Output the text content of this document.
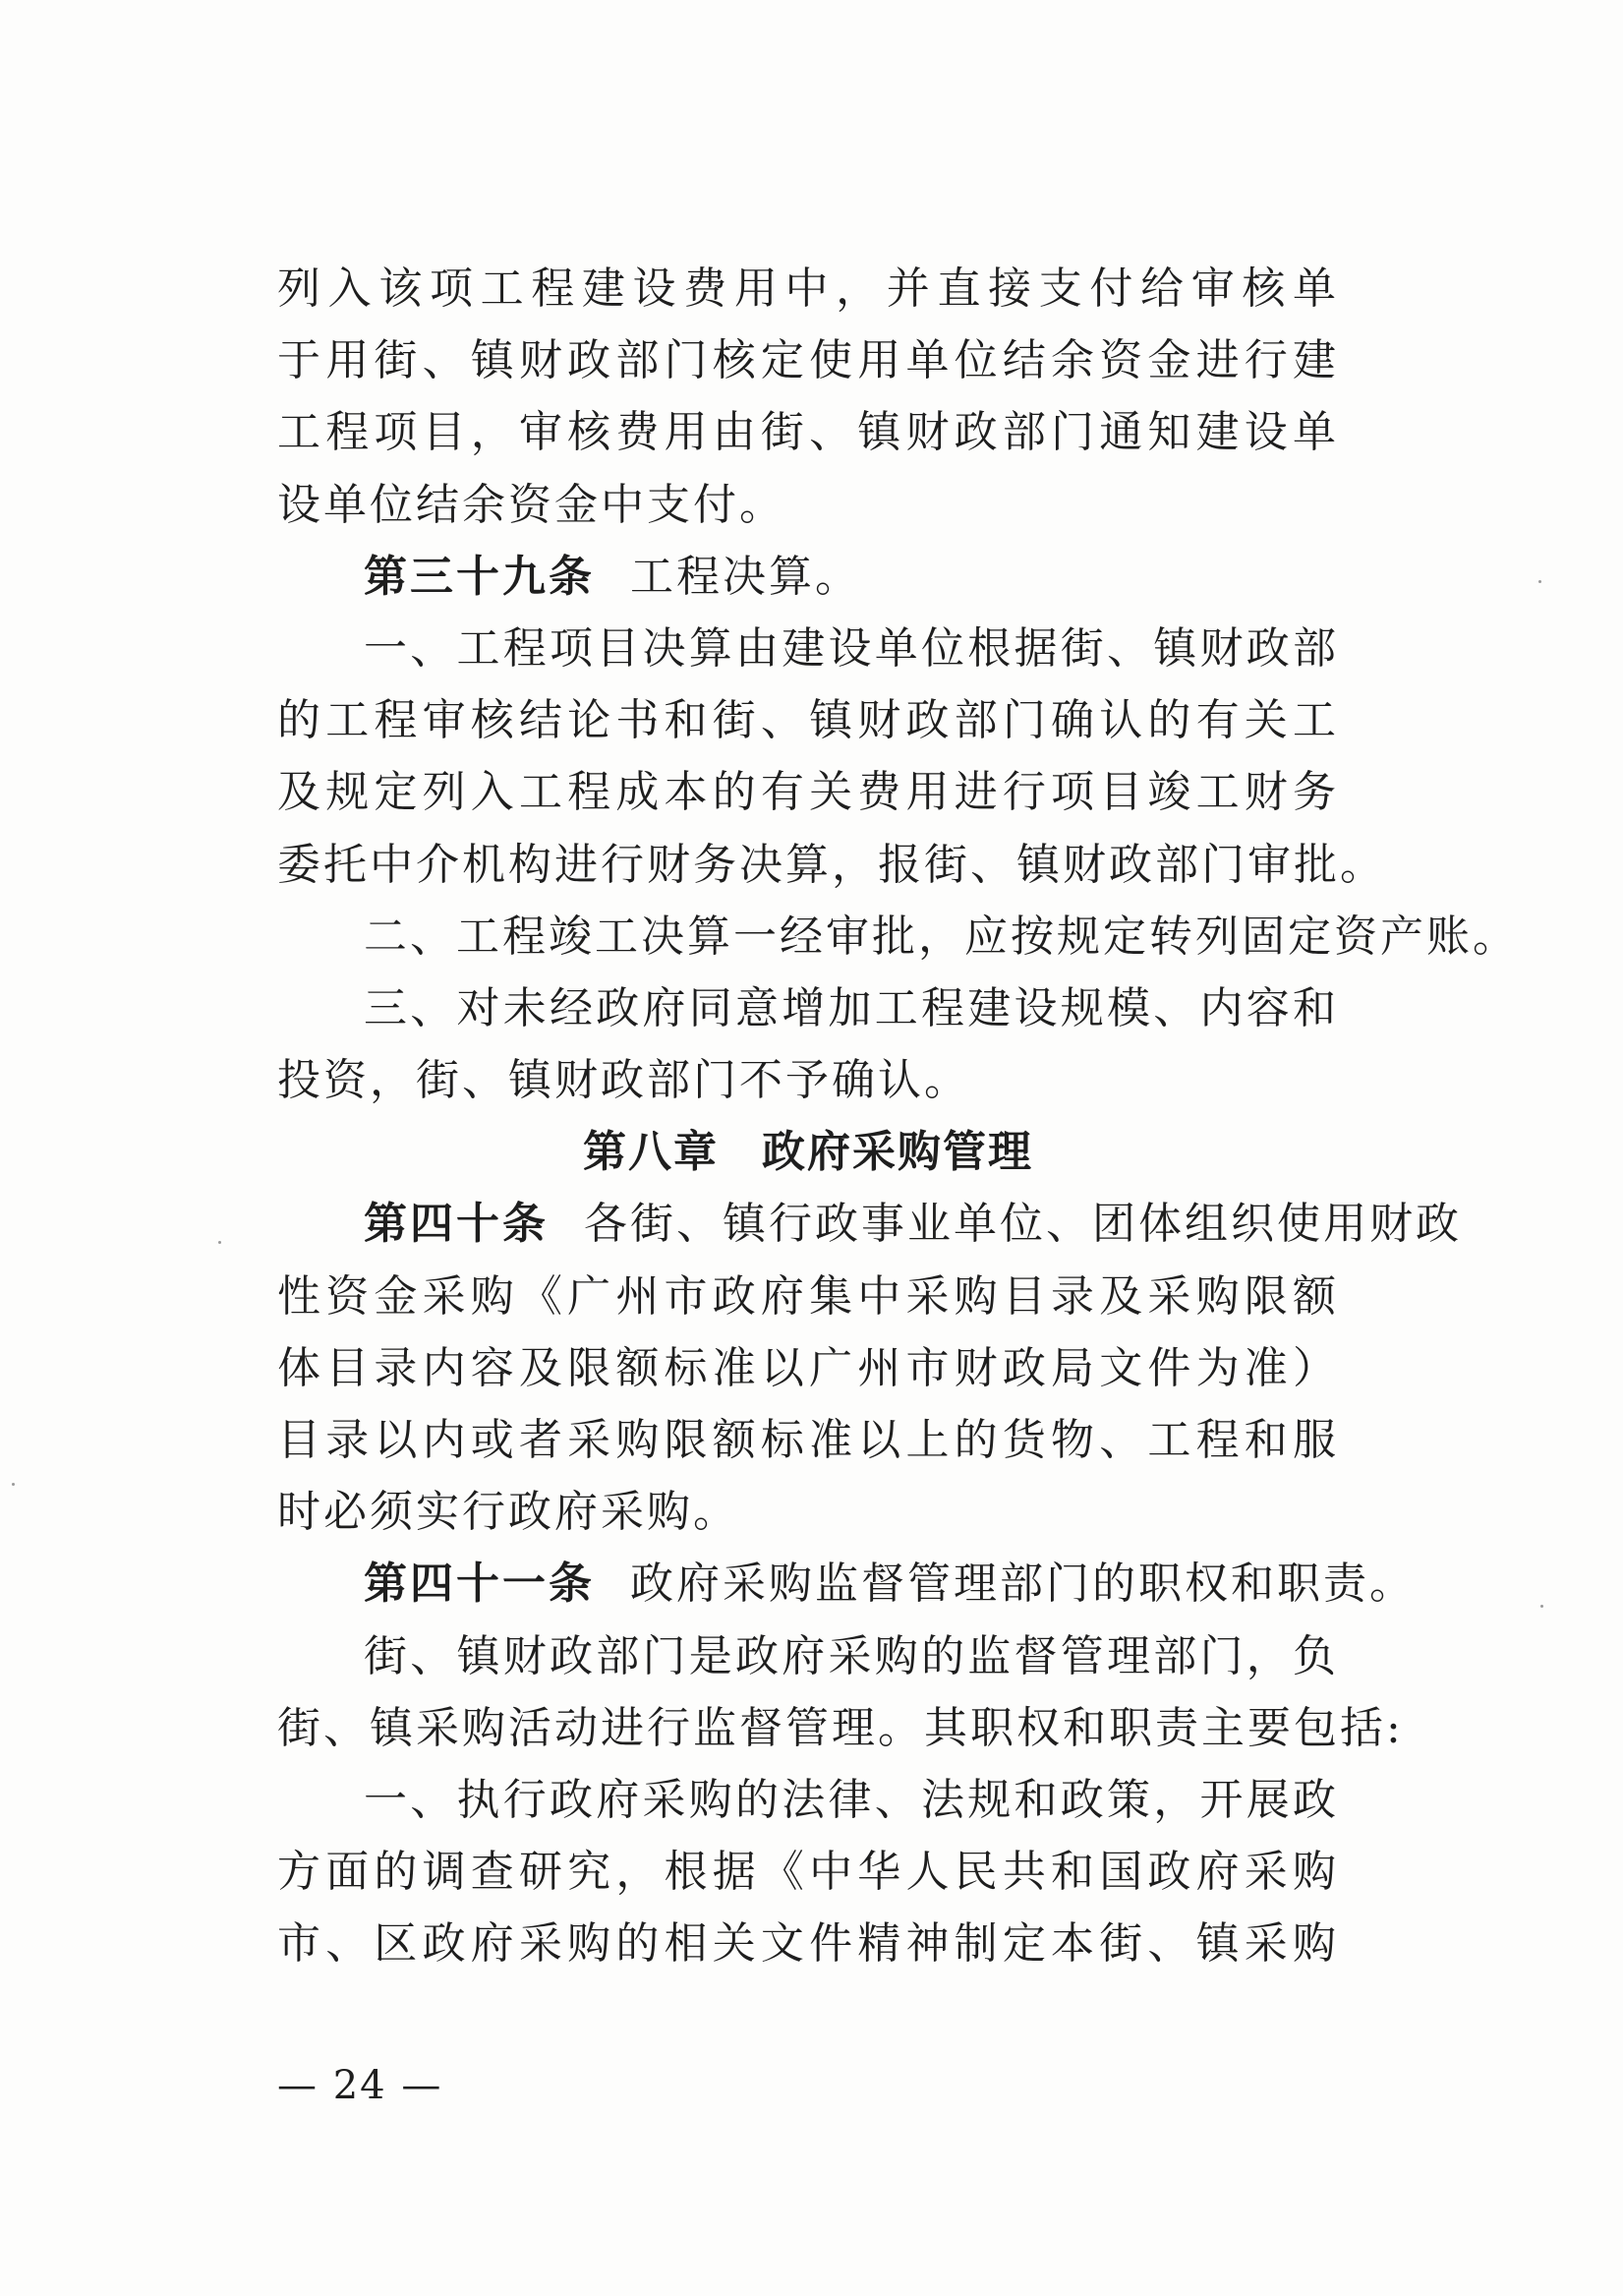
列入该项工程建设费用中，并直接支付给审核单
于用街、镇财政部门核定使用单位结余资金进行建
工程项目，审核费用由街、镇财政部门通知建设单
设单位结余资金中支付。
第三十九条 工程决算。
一、工程项目决算由建设单位根据街、镇财政部
的工程审核结论书和街、镇财政部门确认的有关工
及规定列入工程成本的有关费用进行项目竣工财务
委托中介机构进行财务决算，报街、镇财政部门审批。
二、工程竣工决算一经审批，应按规定转列固定资产账。
三、对未经政府同意增加工程建设规模、内容和
投资，街、镇财政部门不予确认。
第八章 政府采购管理
第四十条 各街、镇行政事业单位、团体组织使用财政
性资金采购《广州市政府集中采购目录及采购限额
体目录内容及限额标准以广州市财政局文件为准）
目录以内或者采购限额标准以上的货物、工程和服
时必须实行政府采购。
第四十一条 政府采购监督管理部门的职权和职责。
街、镇财政部门是政府采购的监督管理部门，负
街、镇采购活动进行监督管理。其职权和职责主要包括:
一、执行政府采购的法律、法规和政策，开展政
方面的调查研究，根据《中华人民共和国政府采购
市、区政府采购的相关文件精神制定本街、镇采购
— 24 —
